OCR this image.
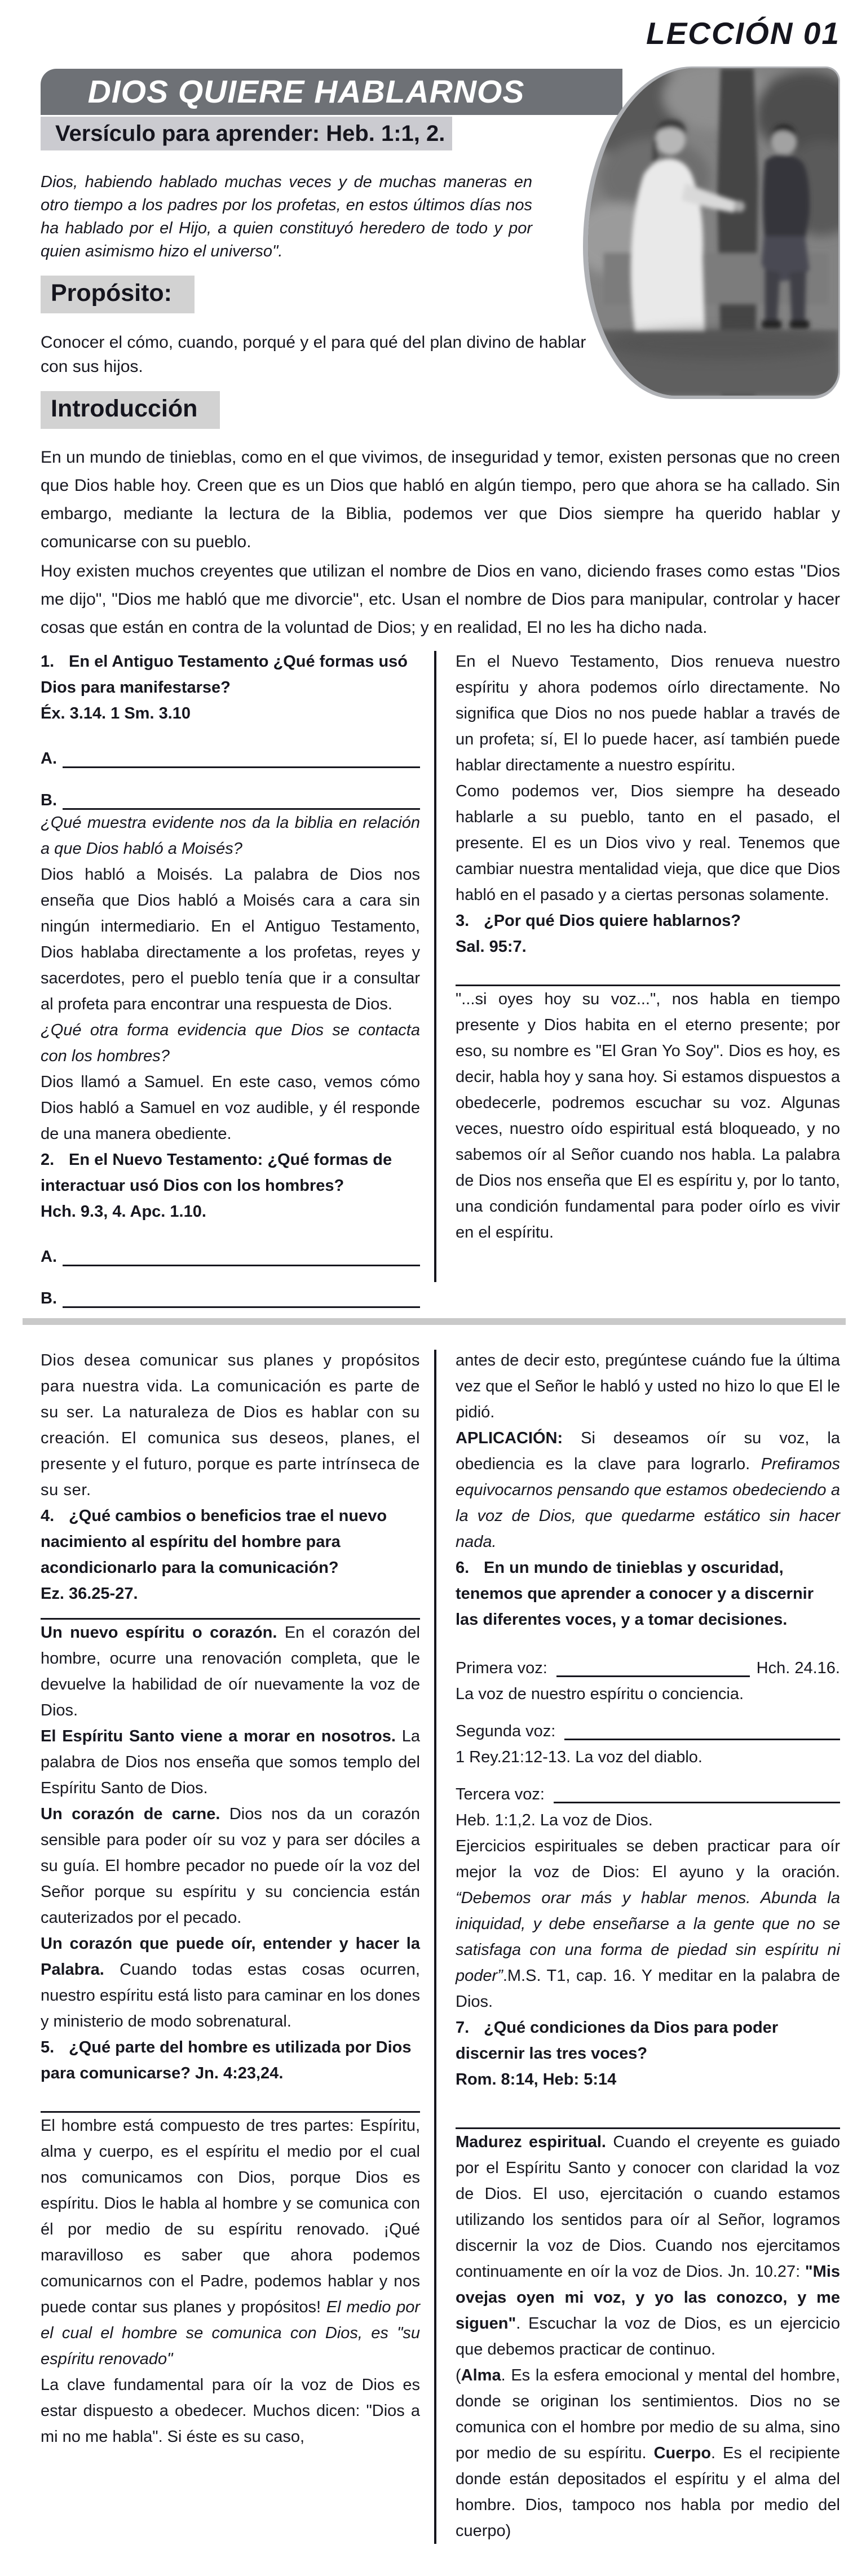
LECCIÓN 01
DIOS QUIERE HABLARNOS
Versículo para aprender: Heb. 1:1, 2.

Dios, habiendo hablado muchas veces y de muchas maneras en otro tiempo a los padres por los profetas, en estos últimos días nos ha hablado por el Hijo, a quien constituyó heredero de todo y por quien asimismo hizo el universo".

Propósito:

Conocer el cómo, cuando, porqué y el para qué del plan divino de hablar con sus hijos.

Introducción

En un mundo de tinieblas, como en el que vivimos, de inseguridad y temor, existen personas que no creen que Dios hable hoy. Creen que es un Dios que habló en algún tiempo, pero que ahora se ha callado. Sin embargo, mediante la lectura de la Biblia, podemos ver que Dios siempre ha querido hablar y comunicarse con su pueblo.

Hoy existen muchos creyentes que utilizan el nombre de Dios en vano, diciendo frases como estas "Dios me dijo", "Dios me habló que me divorcie", etc. Usan el nombre de Dios para manipular, controlar y hacer cosas que están en contra de la voluntad de Dios; y en realidad, El no les ha dicho nada.

1. En el Antiguo Testamento ¿Qué formas usó Dios para manifestarse?
Éx. 3.14. 1 Sm. 3.10

A.
B.

¿Qué muestra evidente nos da la biblia en relación a que Dios habló a Moisés?

Dios habló a Moisés. La palabra de Dios nos enseña que Dios habló a Moisés cara a cara sin ningún intermediario. En el Antiguo Testamento, Dios hablaba directamente a los profetas, reyes y sacerdotes, pero el pueblo tenía que ir a consultar al profeta para encontrar una respuesta de Dios.

¿Qué otra forma evidencia que Dios se contacta con los hombres?

Dios llamó a Samuel. En este caso, vemos cómo Dios habló a Samuel en voz audible, y él responde de una manera obediente.

2. En el Nuevo Testamento: ¿Qué formas de interactuar usó Dios con los hombres?
Hch. 9.3, 4. Apc. 1.10.

A.
B.

En el Nuevo Testamento, Dios renueva nuestro espíritu y ahora podemos oírlo directamente. No significa que Dios no nos puede hablar a través de un profeta; sí, El lo puede hacer, así también puede hablar directamente a nuestro espíritu.

Como podemos ver, Dios siempre ha deseado hablarle a su pueblo, tanto en el pasado, el presente. El es un Dios vivo y real. Tenemos que cambiar nuestra mentalidad vieja, que dice que Dios habló en el pasado y a ciertas personas solamente.

3. ¿Por qué Dios quiere hablarnos?
Sal. 95:7.

"...si oyes hoy su voz...", nos habla en tiempo presente y Dios habita en el eterno presente; por eso, su nombre es "El Gran Yo Soy". Dios es hoy, es decir, habla hoy y sana hoy. Si estamos dispuestos a obedecerle, podremos escuchar su voz. Algunas veces, nuestro oído espiritual está bloqueado, y no sabemos oír al Señor cuando nos habla. La palabra de Dios nos enseña que El es espíritu y, por lo tanto, una condición fundamental para poder oírlo es vivir en el espíritu.

Dios desea comunicar sus planes y propósitos para nuestra vida. La comunicación es parte de su ser. La naturaleza de Dios es hablar con su creación. El comunica sus deseos, planes, el presente y el futuro, porque es parte intrínseca de su ser.

4. ¿Qué cambios o beneficios trae el nuevo nacimiento al espíritu del hombre para acondicionarlo para la comunicación?
Ez. 36.25-27.

Un nuevo espíritu o corazón. En el corazón del hombre, ocurre una renovación completa, que le devuelve la habilidad de oír nuevamente la voz de Dios.

El Espíritu Santo viene a morar en nosotros. La palabra de Dios nos enseña que somos templo del Espíritu Santo de Dios.

Un corazón de carne. Dios nos da un corazón sensible para poder oír su voz y para ser dóciles a su guía. El hombre pecador no puede oír la voz del Señor porque su espíritu y su conciencia están cauterizados por el pecado.

Un corazón que puede oír, entender y hacer la Palabra. Cuando todas estas cosas ocurren, nuestro espíritu está listo para caminar en los dones y ministerio de modo sobrenatural.

5. ¿Qué parte del hombre es utilizada por Dios para comunicarse? Jn. 4:23,24.

El hombre está compuesto de tres partes: Espíritu, alma y cuerpo, es el espíritu el medio por el cual nos comunicamos con Dios, porque Dios es espíritu. Dios le habla al hombre y se comunica con él por medio de su espíritu renovado. ¡Qué maravilloso es saber que ahora podemos comunicarnos con el Padre, podemos hablar y nos puede contar sus planes y propósitos! El medio por el cual el hombre se comunica con Dios, es "su espíritu renovado"

La clave fundamental para oír la voz de Dios es estar dispuesto a obedecer. Muchos dicen: "Dios a mi no me habla". Si éste es su caso,

antes de decir esto, pregúntese cuándo fue la última vez que el Señor le habló y usted no hizo lo que El le pidió.

APLICACIÓN: Si deseamos oír su voz, la obediencia es la clave para lograrlo. Prefiramos equivocarnos pensando que estamos obedeciendo a la voz de Dios, que quedarme estático sin hacer nada.

6. En un mundo de tinieblas y oscuridad, tenemos que aprender a conocer y a discernir las diferentes voces, y a tomar decisiones.

Primera voz:	Hch. 24.16.
La voz de nuestro espíritu o conciencia.
Segunda voz:
1 Rey.21:12-13. La voz del diablo.
Tercera voz:
Heb. 1:1,2. La voz de Dios.

Ejercicios espirituales se deben practicar para oír mejor la voz de Dios: El ayuno y la oración. “Debemos orar más y hablar menos. Abunda la iniquidad, y debe enseñarse a la gente que no se satisfaga con una forma de piedad sin espíritu ni poder”.M.S. T1, cap. 16. Y meditar en la palabra de Dios.

7. ¿Qué condiciones da Dios para poder discernir las tres voces?
Rom. 8:14, Heb: 5:14

Madurez espiritual. Cuando el creyente es guiado por el Espíritu Santo y conocer con claridad la voz de Dios. El uso, ejercitación o cuando estamos utilizando los sentidos para oír al Señor, logramos discernir la voz de Dios. Cuando nos ejercitamos continuamente en oír la voz de Dios. Jn. 10.27: "Mis ovejas oyen mi voz, y yo las conozco, y me siguen". Escuchar la voz de Dios, es un ejercicio que debemos practicar de continuo.

(Alma. Es la esfera emocional y mental del hombre, donde se originan los sentimientos. Dios no se comunica con el hombre por medio de su alma, sino por medio de su espíritu. Cuerpo. Es el recipiente donde están depositados el espíritu y el alma del hombre. Dios, tampoco nos habla por medio del cuerpo)
